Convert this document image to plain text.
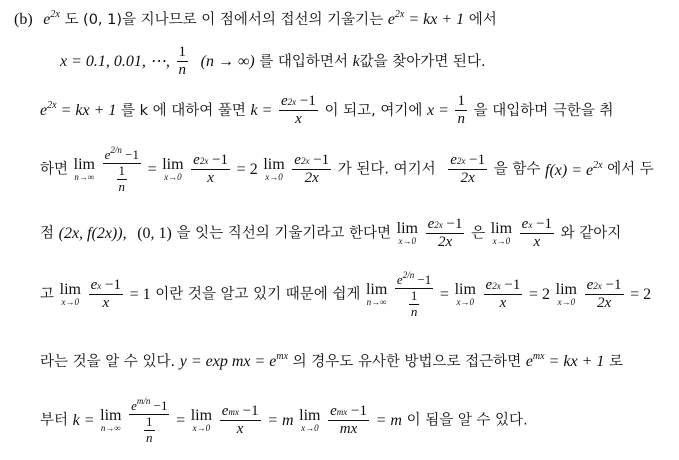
(b) $e^{2x}$ 도 (0, 1)을 지나므로 이 점에서의 접선의 기울기는 $e^{2x}$ = kx + 1 에서
x = 0.1, 0.01, ⋯, $\frac{1}{n} (n$ → ∞) 를 대입하면서 k값을 찾아가면 된다.
$e^{2x}$ = kx + 1 를 k 에 대하여 풀면 $k = \frac{e2x -1}{x}$ 이 되고, 여기에 $x = \frac{1}{n}$ 을 대입하며 극한을 취
하면 lim
n→∞

$e^{2/n} -1$
1
n
= lim
x→0
$\frac{e2x -1}{x} = 2$ lim
x→0
$\frac{e2x -1}{2x}$ 가 된다. 여기서 $\frac{e2x -1}{2x}$ 을 함수 $f(x) = e^{2x}$ 에서 두
점 (2x, f(2x)), (0, 1) 을 잇는 직선의 기울기라고 한다면 lim
x→0
$\frac{e2x -1}{2x}$ 은 lim
x→0
$\frac{ex -1}{x}$ 와 같아지
고 lim
x→0
$\frac{ex -1}{x} = 1$ 이란 것을 알고 있기 때문에 쉽게 lim
n→∞

$e^{2/n} -1$
1
n
= lim
x→0
$\frac{e2x -1}{x} = 2$ lim
x→0
$\frac{e2x -1}{2x} = 2$
라는 것을 알 수 있다. y = exp mx = $e^{mx}$ 의 경우도 유사한 방법으로 접근하면 $e^{mx}$ = kx + 1 로
부터 k = lim
n→∞

$e^{m/n} -1$
1
n
= lim
x→0
$\frac{\text{emx −1}}{x} = m$ lim
x→0
$\frac{\text{emx −1}}{mx} = m$ 이 됨을 알 수 있다.
